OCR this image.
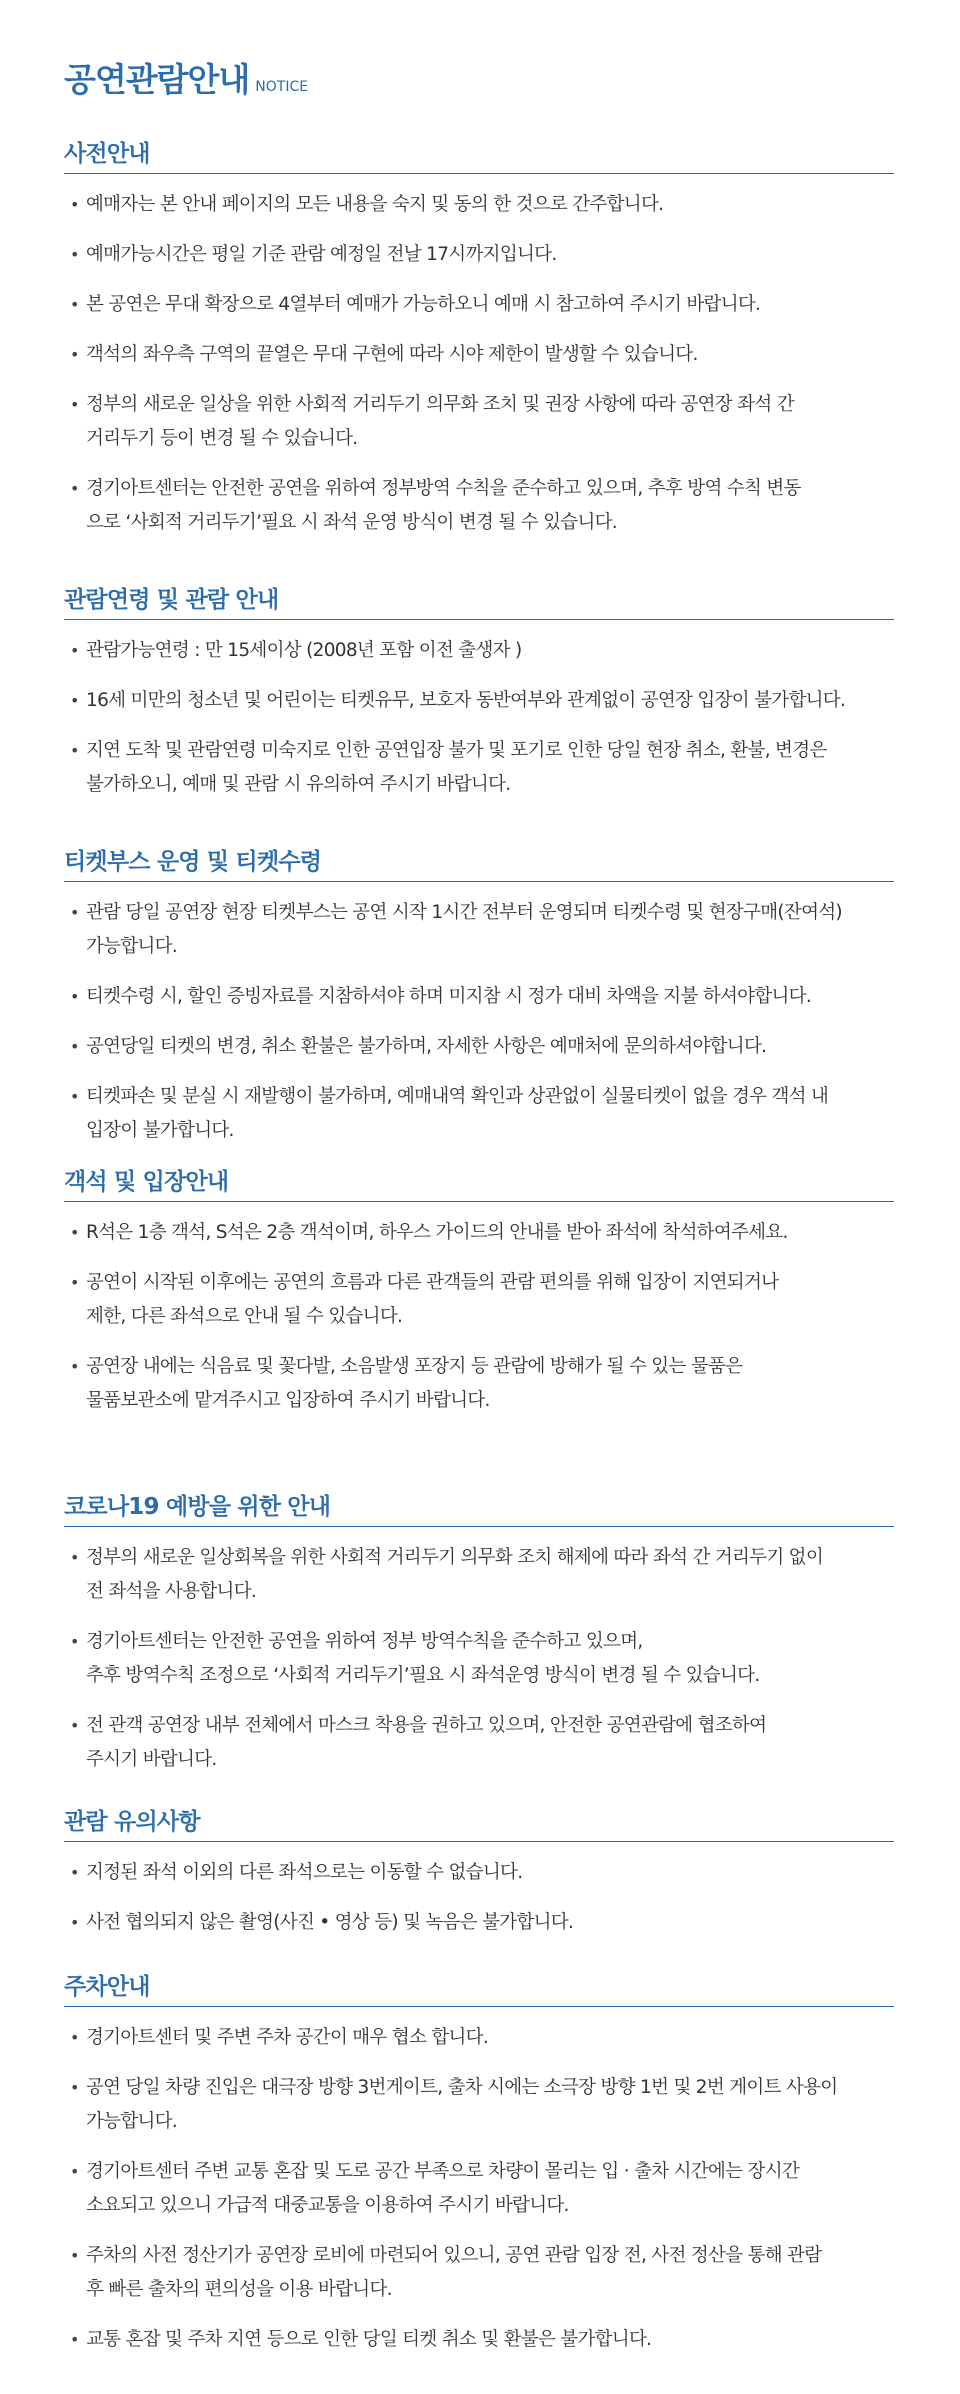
공연관람안내 NOTICE
사전안내
• 예매자는 본 안내 페이지의 모든 내용을 숙지 및 동의 한 것으로 간주합니다.
• 예매가능시간은 평일 기준 관람 예정일 전날 17시까지입니다.
• 본 공연은 무대 확장으로 4열부터 예매가 가능하오니 예매 시 참고하여 주시기 바랍니다.
• 객석의 좌우측 구역의 끝열은 무대 구현에 따라 시야 제한이 발생할 수 있습니다.
• 정부의 새로운 일상을 위한 사회적 거리두기 의무화 조치 및 권장 사항에 따라 공연장 좌석 간
거리두기 등이 변경 될 수 있습니다.
• 경기아트센터는 안전한 공연을 위하여 정부방역 수칙을 준수하고 있으며, 추후 방역 수칙 변동
으로 ‘사회적 거리두기’필요 시 좌석 운영 방식이 변경 될 수 있습니다.
관람연령 및 관람 안내
• 관람가능연령 : 만 15세이상 (2008년 포함 이전 출생자 )
• 16세 미만의 청소년 및 어린이는 티켓유무, 보호자 동반여부와 관계없이 공연장 입장이 불가합니다.
• 지연 도착 및 관람연령 미숙지로 인한 공연입장 불가 및 포기로 인한 당일 현장 취소, 환불, 변경은
불가하오니, 예매 및 관람 시 유의하여 주시기 바랍니다.
티켓부스 운영 및 티켓수령
• 관람 당일 공연장 현장 티켓부스는 공연 시작 1시간 전부터 운영되며 티켓수령 및 현장구매(잔여석)
가능합니다.
• 티켓수령 시, 할인 증빙자료를 지참하셔야 하며 미지참 시 정가 대비 차액을 지불 하셔야합니다.
• 공연당일 티켓의 변경, 취소 환불은 불가하며, 자세한 사항은 예매처에 문의하셔야합니다.
• 티켓파손 및 분실 시 재발행이 불가하며, 예매내역 확인과 상관없이 실물티켓이 없을 경우 객석 내
입장이 불가합니다.
객석 및 입장안내
• R석은 1층 객석, S석은 2층 객석이며, 하우스 가이드의 안내를 받아 좌석에 착석하여주세요.
• 공연이 시작된 이후에는 공연의 흐름과 다른 관객들의 관람 편의를 위해 입장이 지연되거나
제한, 다른 좌석으로 안내 될 수 있습니다.
• 공연장 내에는 식음료 및 꽃다발, 소음발생 포장지 등 관람에 방해가 될 수 있는 물품은
물품보관소에 맡겨주시고 입장하여 주시기 바랍니다.
코로나19 예방을 위한 안내
• 정부의 새로운 일상회복을 위한 사회적 거리두기 의무화 조치 해제에 따라 좌석 간 거리두기 없이
전 좌석을 사용합니다.
• 경기아트센터는 안전한 공연을 위하여 정부 방역수칙을 준수하고 있으며,
추후 방역수칙 조정으로 ‘사회적 거리두기’필요 시 좌석운영 방식이 변경 될 수 있습니다.
• 전 관객 공연장 내부 전체에서 마스크 착용을 권하고 있으며, 안전한 공연관람에 협조하여
주시기 바랍니다.
관람 유의사항
• 지정된 좌석 이외의 다른 좌석으로는 이동할 수 없습니다.
• 사전 협의되지 않은 촬영(사진 • 영상 등) 및 녹음은 불가합니다.
주차안내
• 경기아트센터 및 주변 주차 공간이 매우 협소 합니다.
• 공연 당일 차량 진입은 대극장 방향 3번게이트, 출차 시에는 소극장 방향 1번 및 2번 게이트 사용이
가능합니다.
• 경기아트센터 주변 교통 혼잡 및 도로 공간 부족으로 차량이 몰리는 입 · 출차 시간에는 장시간
소요되고 있으니 가급적 대중교통을 이용하여 주시기 바랍니다.
• 주차의 사전 정산기가 공연장 로비에 마련되어 있으니, 공연 관람 입장 전, 사전 정산을 통해 관람
후 빠른 출차의 편의성을 이용 바랍니다.
• 교통 혼잡 및 주차 지연 등으로 인한 당일 티켓 취소 및 환불은 불가합니다.
